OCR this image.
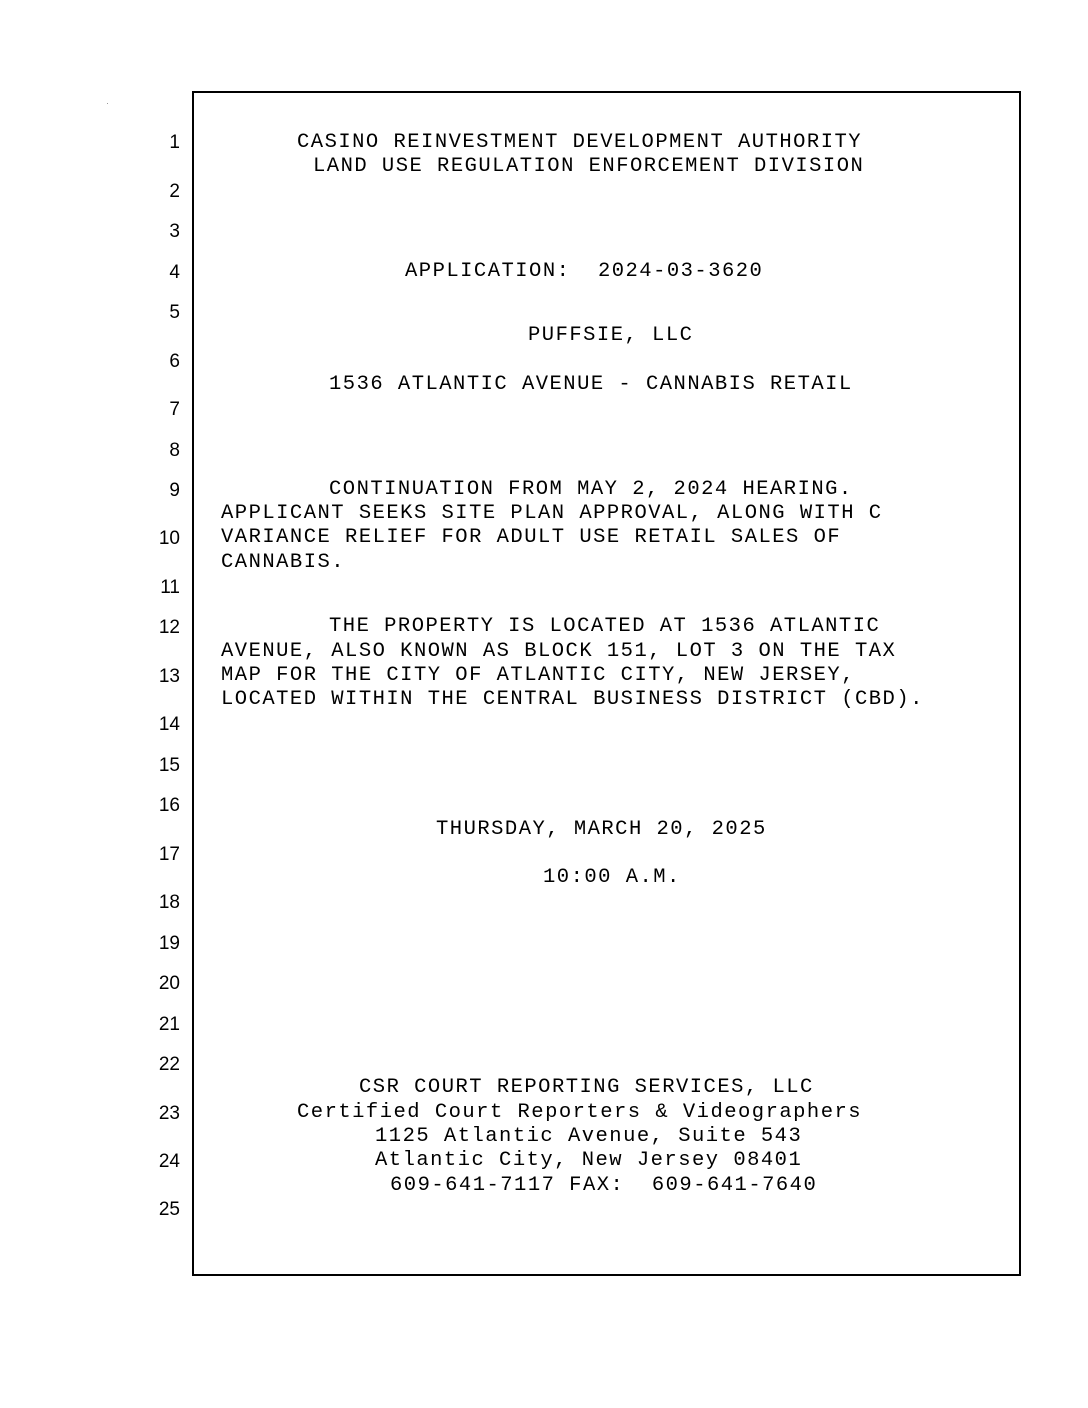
1
2
3
4
5
6
7
8
9
10
11
12
13
14
15
16
17
18
19
20
21
22
23
24
25
CASINO REINVESTMENT DEVELOPMENT AUTHORITY
LAND USE REGULATION ENFORCEMENT DIVISION
APPLICATION:  2024-03-3620
PUFFSIE, LLC
1536 ATLANTIC AVENUE - CANNABIS RETAIL
CONTINUATION FROM MAY 2, 2024 HEARING.
APPLICANT SEEKS SITE PLAN APPROVAL, ALONG WITH C
VARIANCE RELIEF FOR ADULT USE RETAIL SALES OF
CANNABIS.
THE PROPERTY IS LOCATED AT 1536 ATLANTIC
AVENUE, ALSO KNOWN AS BLOCK 151, LOT 3 ON THE TAX
MAP FOR THE CITY OF ATLANTIC CITY, NEW JERSEY,
LOCATED WITHIN THE CENTRAL BUSINESS DISTRICT (CBD).
THURSDAY, MARCH 20, 2025
10:00 A.M.
CSR COURT REPORTING SERVICES, LLC
Certified Court Reporters & Videographers
1125 Atlantic Avenue, Suite 543
Atlantic City, New Jersey 08401
609-641-7117 FAX:  609-641-7640
